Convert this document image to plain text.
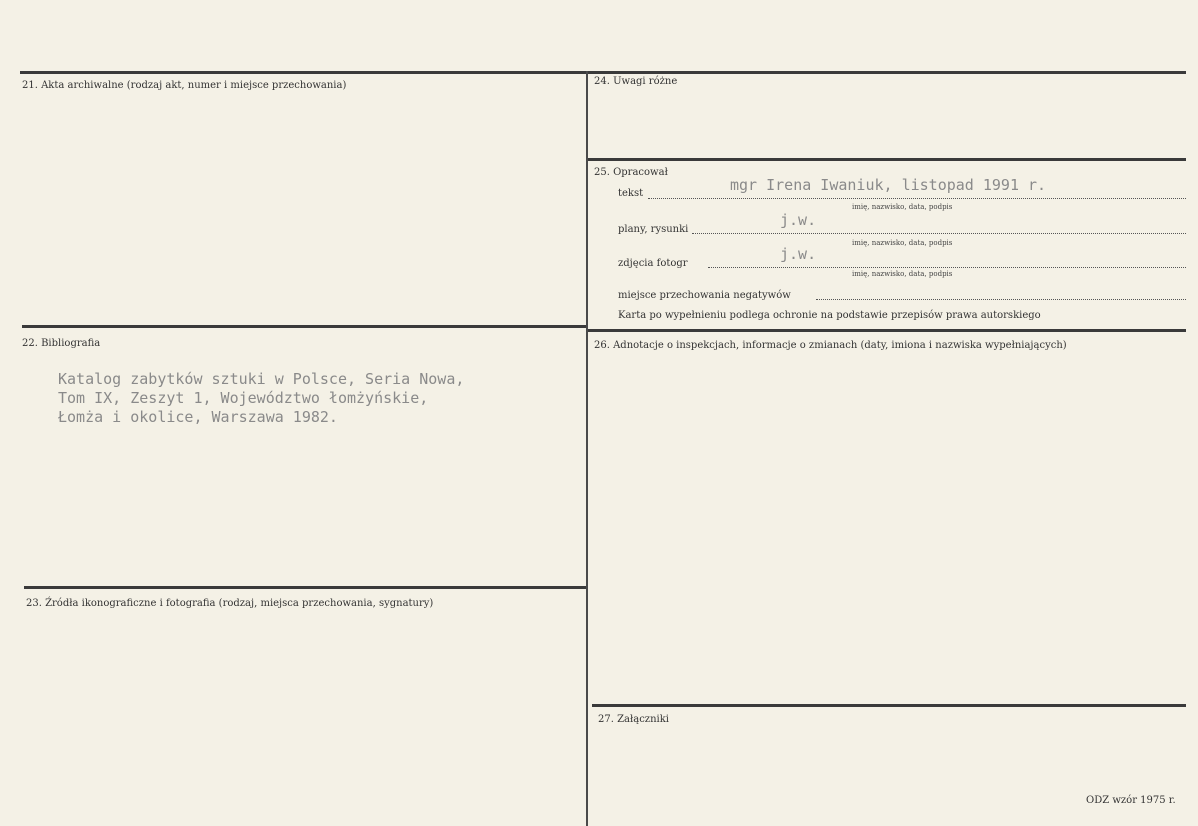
21. Akta archiwalne (rodzaj akt, numer i miejsce przechowania)
22. Bibliografia
Katalog zabytków sztuki w Polsce, Seria Nowa,
Tom IX, Zeszyt 1, Województwo łomżyńskie,
Łomża i okolice, Warszawa 1982.
23. Źródła ikonograficzne i fotografia (rodzaj, miejsca przechowania, sygnatury)
24. Uwagi różne
25. Opracował
tekst	mgr Irena Iwaniuk, listopad 1991 r.
imię, nazwisko, data, podpis
plany, rysunki
j.w.
imię, nazwisko, data, podpis
zdjęcia fotogr
j.w.
imię, nazwisko, data, podpis
miejsce przechowania negatywów
Karta po wypełnieniu podlega ochronie na podstawie przepisów prawa autorskiego
26. Adnotacje o inspekcjach, informacje o zmianach (daty, imiona i nazwiska wypełniających)
27. Załączniki
ODZ wzór 1975 r.
